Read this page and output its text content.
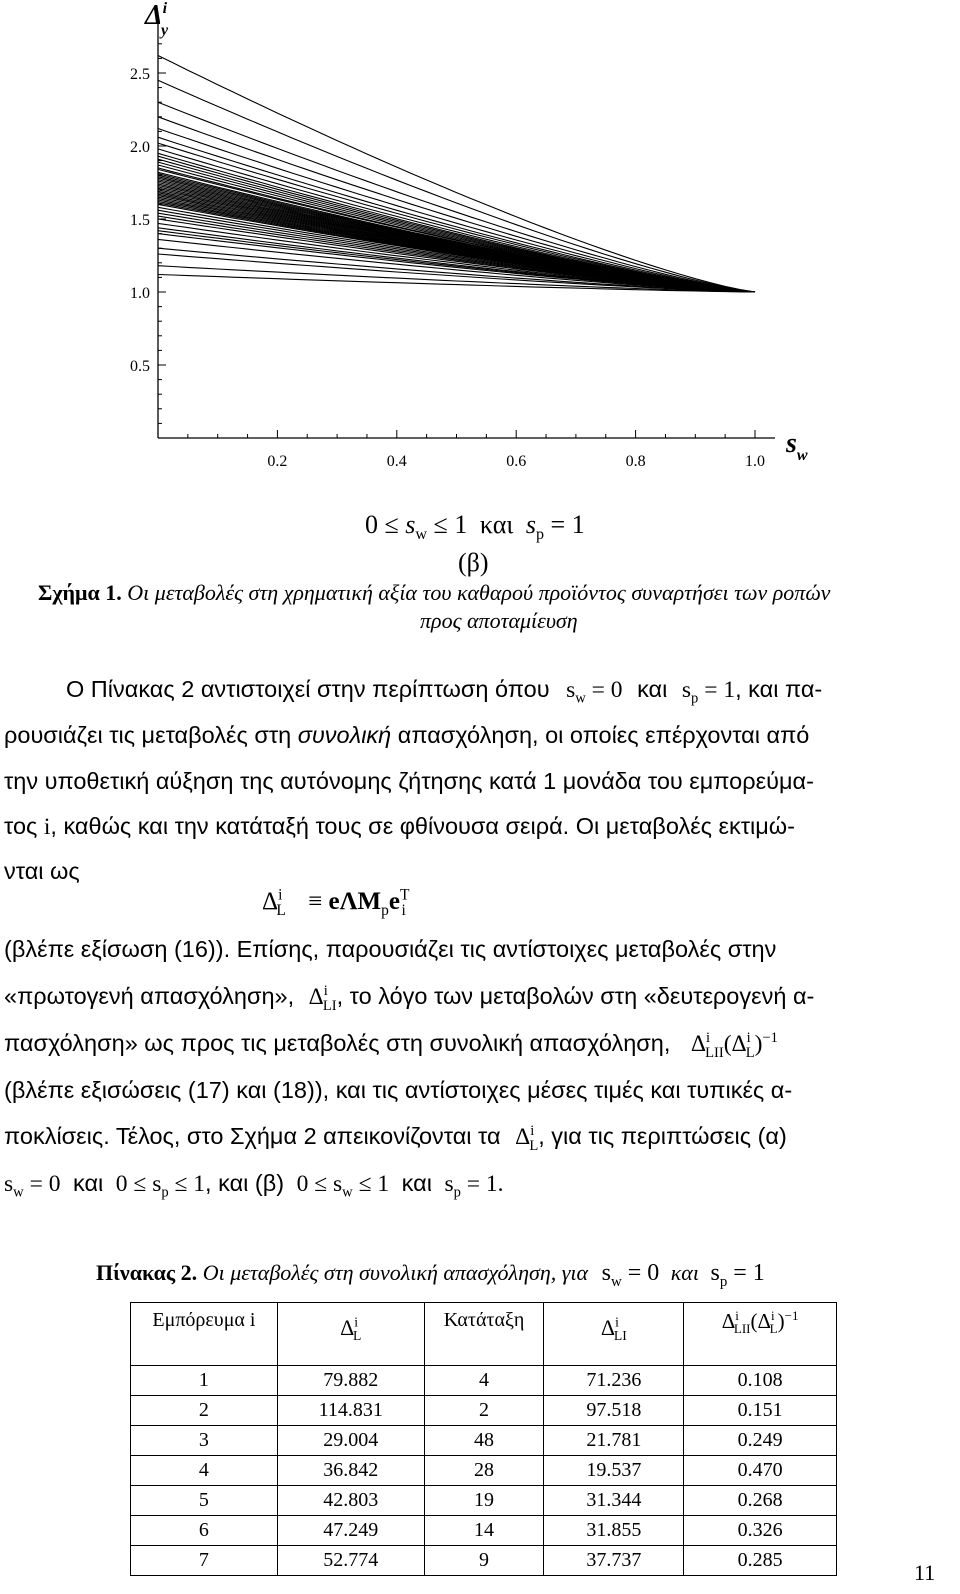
0.2	0.4	0.6	0.8	1.0
0.5
1.0
1.5
2.0
2.5
$\Delta^i$ y
$s_w$
$0 \le s_w \le 1$ και $s_p = 1$
(β)
Σχήμα 1. Οι μεταβολές στη χρηματική αξία του καθαρού προϊόντος συναρτήσει των ροπών
προς αποταμίευση
Ο Πίνακας 2 αντιστοιχεί στην περίπτωση όπου $s_w = 0$ και $s_p = 1$, και πα-
ρουσιάζει τις μεταβολές στη συνολική απασχόληση, οι οποίες επέρχονται από
την υποθετική αύξηση της αυτόνομης ζήτησης κατά 1 μονάδα του εμπορεύμα-
τος i, καθώς και την κατάταξή τους σε φθίνουσα σειρά. Οι μεταβολές εκτιμώ-
νται ως
$\Delta^i_L \equiv e\Lambda M_pe^T_i$
(βλέπε εξίσωση (16)). Επίσης, παρουσιάζει τις αντίστοιχες μεταβολές στην
«πρωτογενή απασχόληση», $\Delta^i_{LI}$, το λόγο των μεταβολών στη «δευτερογενή α-
πασχόληση» ως προς τις μεταβολές στη συνολική απασχόληση, $\Delta^i_{LII}(\Delta^i_L)^{-1}$
(βλέπε εξισώσεις (17) και (18)), και τις αντίστοιχες μέσες τιμές και τυπικές α-
ποκλίσεις. Τέλος, στο Σχήμα 2 απεικονίζονται τα $\Delta^i_L$, για τις περιπτώσεις (α)
$s_w = 0$ και $0 \le s_p \le 1$, και (β) $0 \le s_w \le 1$ και $s_p = 1$.
Πίνακας 2. Οι μεταβολές στη συνολική απασχόληση, για $s_w = 0$ και $s_p = 1$
Εμπόρευμα i	$\Delta^i_L$	Κατάταξη	$\Delta^i_{LI}$	$\Delta^i_{LII}(\Delta^i_L)^{-1}$
1	79.882	4	71.236	0.108
2	114.831	2	97.518	0.151
3	29.004	48	21.781	0.249
4	36.842	28	19.537	0.470
5	42.803	19	31.344	0.268
6	47.249	14	31.855	0.326
7	52.774	9	37.737	0.285	11
